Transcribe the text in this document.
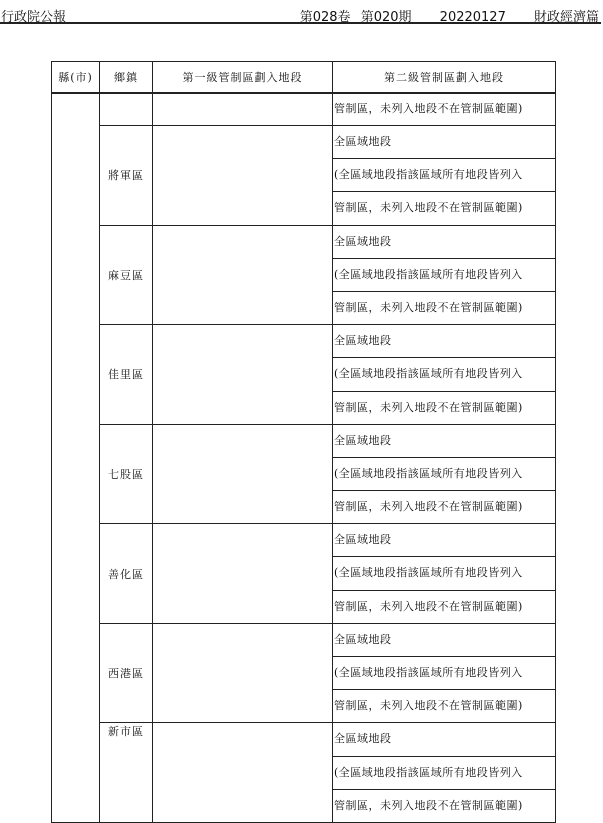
行政院公報	第028卷 第020期 20220127 財政經濟篇
縣(市)	鄉鎮	第一級管制區劃入地段	第二級管制區劃入地段

			管制區，未列入地段不在管制區範圍)

	將軍區		全區域地段
(全區域地段指該區域所有地段皆列入
管制區，未列入地段不在管制區範圍)

	麻豆區		全區域地段
(全區域地段指該區域所有地段皆列入
管制區，未列入地段不在管制區範圍)

	佳里區		全區域地段
(全區域地段指該區域所有地段皆列入
管制區，未列入地段不在管制區範圍)

	七股區		全區域地段
(全區域地段指該區域所有地段皆列入
管制區，未列入地段不在管制區範圍)

	善化區		全區域地段
(全區域地段指該區域所有地段皆列入
管制區，未列入地段不在管制區範圍)

	西港區		全區域地段
(全區域地段指該區域所有地段皆列入
管制區，未列入地段不在管制區範圍)

	新市區		全區域地段
(全區域地段指該區域所有地段皆列入
管制區，未列入地段不在管制區範圍)
